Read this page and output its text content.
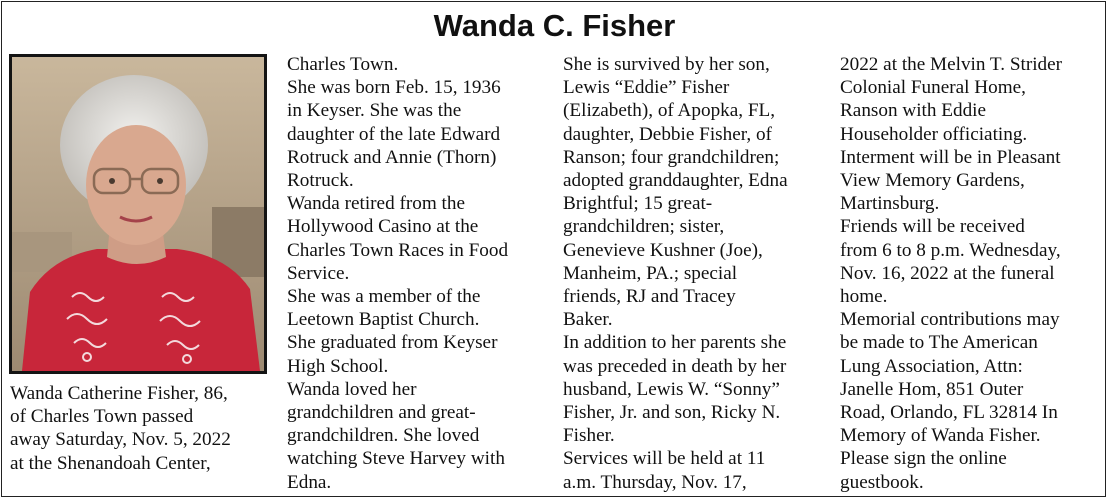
Wanda C. Fisher

Wanda Catherine Fisher, 86,

of Charles Town passed

away Saturday, Nov. 5, 2022

at the Shenandoah Center,

Charles Town.

She was born Feb. 15, 1936

in Keyser. She was the

daughter of the late Edward

Rotruck and Annie (Thorn)

Rotruck.

Wanda retired from the

Hollywood Casino at the

Charles Town Races in Food

Service.

She was a member of the

Leetown Baptist Church.

She graduated from Keyser

High School.

Wanda loved her

grandchildren and great-

grandchildren. She loved

watching Steve Harvey with

Edna.

She is survived by her son,

Lewis “Eddie” Fisher

(Elizabeth), of Apopka, FL,

daughter, Debbie Fisher, of

Ranson; four grandchildren;

adopted granddaughter, Edna

Brightful; 15 great-

grandchildren; sister,

Genevieve Kushner (Joe),

Manheim, PA.; special

friends, RJ and Tracey

Baker.

In addition to her parents she

was preceded in death by her

husband, Lewis W. “Sonny”

Fisher, Jr. and son, Ricky N.

Fisher.

Services will be held at 11

a.m. Thursday, Nov. 17,

2022 at the Melvin T. Strider

Colonial Funeral Home,

Ranson with Eddie

Householder officiating.

Interment will be in Pleasant

View Memory Gardens,

Martinsburg.

Friends will be received

from 6 to 8 p.m. Wednesday,

Nov. 16, 2022 at the funeral

home.

Memorial contributions may

be made to The American

Lung Association, Attn:

Janelle Hom, 851 Outer

Road, Orlando, FL 32814 In

Memory of Wanda Fisher.

Please sign the online

guestbook.
